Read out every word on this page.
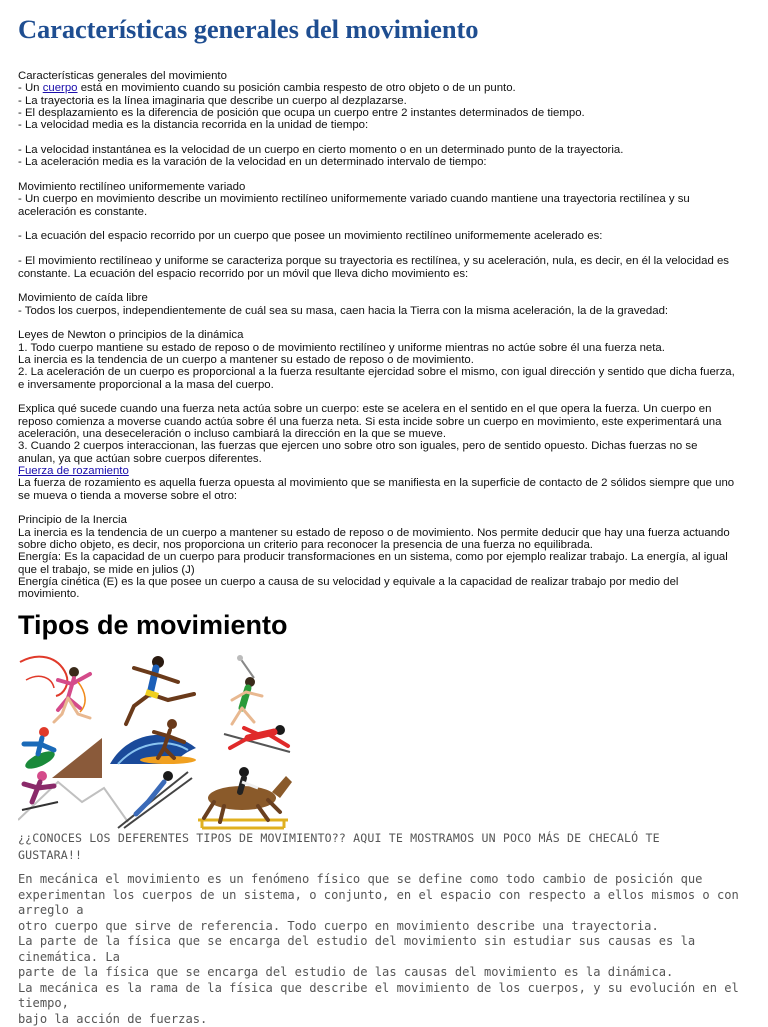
Características generales del movimiento

Características generales del movimiento

- Un cuerpo está en movimiento cuando su posición cambia respesto de otro objeto o de un punto.

- La trayectoria es la línea imaginaria que describe un cuerpo al dezplazarse.

- El desplazamiento es la diferencia de posición que ocupa un cuerpo entre 2 instantes determinados de tiempo.

- La velocidad media es la distancia recorrida en la unidad de tiempo:

- La velocidad instantánea es la velocidad de un cuerpo en cierto momento o en un determinado punto de la trayectoria.

- La aceleración media es la varación de la velocidad en un determinado intervalo de tiempo:

Movimiento rectilíneo uniformemente variado

- Un cuerpo en movimiento describe un movimiento rectilíneo uniformemente variado cuando mantiene una trayectoria rectilínea y su

aceleración es constante.

- La ecuación del espacio recorrido por un cuerpo que posee un movimiento rectilíneo uniformemente acelerado es:

- El movimiento rectilíneao y uniforme se caracteriza porque su trayectoria es rectilínea, y su aceleración, nula, es decir, en él la velocidad es

constante. La ecuación del espacio recorrido por un móvil que lleva dicho movimiento es:

Movimiento de caída libre

- Todos los cuerpos, independientemente de cuál sea su masa, caen hacia la Tierra con la misma aceleración, la de la gravedad:

Leyes de Newton o principios de la dinámica

1. Todo cuerpo mantiene su estado de reposo o de movimiento rectilíneo y uniforme mientras no actúe sobre él una fuerza neta.

La inercia es la tendencia de un cuerpo a mantener su estado de reposo o de movimiento.

2. La aceleración de un cuerpo es proporcional a la fuerza resultante ejercidad sobre el mismo, con igual dirección y sentido que dicha fuerza,

e inversamente proporcional a la masa del cuerpo.

Explica qué sucede cuando una fuerza neta actúa sobre un cuerpo: este se acelera en el sentido en el que opera la fuerza. Un cuerpo en

reposo comienza a moverse cuando actúa sobre él una fuerza neta. Si esta incide sobre un cuerpo en movimiento, este experimentará una

aceleración, una deseceleración o incluso cambiará la dirección en la que se mueve.

3. Cuando 2 cuerpos interaccionan, las fuerzas que ejercen uno sobre otro son iguales, pero de sentido opuesto. Dichas fuerzas no se

anulan, ya que actúan sobre cuerpos diferentes.

Fuerza de rozamiento

La fuerza de rozamiento es aquella fuerza opuesta al movimiento que se manifiesta en la superficie de contacto de 2 sólidos siempre que uno

se mueva o tienda a moverse sobre el otro:

Principio de la Inercia

La inercia es la tendencia de un cuerpo a mantener su estado de reposo o de movimiento. Nos permite deducir que hay una fuerza actuando

sobre dicho objeto, es decir, nos proporciona un criterio para reconocer la presencia de una fuerza no equilibrada.

Energía: Es la capacidad de un cuerpo para producir transformaciones en un sistema, como por ejemplo realizar trabajo. La energía, al igual

que el trabajo, se mide en julios (J)

Energía cinética (E) es la que posee un cuerpo a causa de su velocidad y equivale a la capacidad de realizar trabajo por medio del

movimiento.

Tipos de movimiento

¿¿CONOCES LOS DEFERENTES TIPOS DE MOVIMIENTO?? AQUI TE MOSTRAMOS UN POCO MÁS DE CHECALÓ TE

GUSTARA!!

En mecánica el movimiento es un fenómeno físico que se define como todo cambio de posición que

experimentan los cuerpos de un sistema, o conjunto, en el espacio con respecto a ellos mismos o con arreglo a

otro cuerpo que sirve de referencia. Todo cuerpo en movimiento describe una trayectoria.

La parte de la física que se encarga del estudio del movimiento sin estudiar sus causas es la cinemática. La

parte de la física que se encarga del estudio de las causas del movimiento es la dinámica.

La mecánica es la rama de la física que describe el movimiento de los cuerpos, y su evolución en el tiempo,

bajo la acción de fuerzas.
